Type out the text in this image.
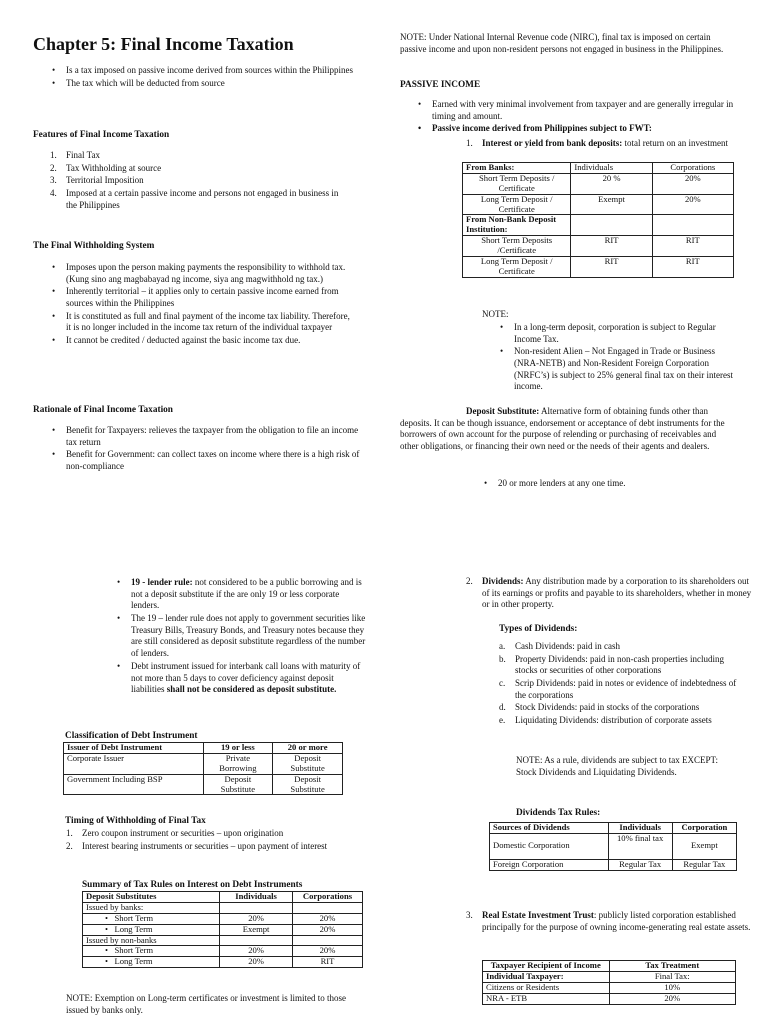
Chapter 5: Final Income Taxation
• Is a tax imposed on passive income derived from sources within the Philippines
• The tax which will be deducted from source
Features of Final Income Taxation
1. Final Tax
2. Tax Withholding at source
3. Territorial Imposition
4. Imposed at a certain passive income and persons not engaged in business in the Philippines
The Final Withholding System
• Imposes upon the person making payments the responsibility to withhold tax. (Kung sino ang magbabayad ng income, siya ang magwithhold ng tax.)
• Inherently territorial – it applies only to certain passive income earned from sources within the Philippines
• It is constituted as full and final payment of the income tax liability. Therefore, it is no longer included in the income tax return of the individual taxpayer
• It cannot be credited / deducted against the basic income tax due.
Rationale of Final Income Taxation
• Benefit for Taxpayers: relieves the taxpayer from the obligation to file an income tax return
• Benefit for Government: can collect taxes on income where there is a high risk of non-compliance
NOTE: Under National Internal Revenue code (NIRC), final tax is imposed on certain passive income and upon non-resident persons not engaged in business in the Philippines.
PASSIVE INCOME
• Earned with very minimal involvement from taxpayer and are generally irregular in timing and amount.
• Passive income derived from Philippines subject to FWT:
1. Interest or yield from bank deposits: total return on an investment
From Banks:	Individuals	Corporations
Short Term Deposits / Certificate	20 %	20%
Long Term Deposit / Certificate	Exempt	20%
From Non-Bank Deposit Institution:		
Short Term Deposits /Certificate	RIT	RIT
Long Term Deposit / Certificate	RIT	RIT
NOTE:
• In a long-term deposit, corporation is subject to Regular Income Tax.
• Non-resident Alien – Not Engaged in Trade or Business (NRA-NETB) and Non-Resident Foreign Corporation (NRFC’s) is subject to 25% general final tax on their interest income.
Deposit Substitute: Alternative form of obtaining funds other than deposits. It can be though issuance, endorsement or acceptance of debt instruments for the borrowers of own account for the purpose of relending or purchasing of receivables and other obligations, or financing their own need or the needs of their agents and dealers.
• 20 or more lenders at any one time.
• 19 - lender rule: not considered to be a public borrowing and is not a deposit substitute if the are only 19 or less corporate lenders.
• The 19 – lender rule does not apply to government securities like Treasury Bills, Treasury Bonds, and Treasury notes because they are still considered as deposit substitute regardless of the number of lenders.
• Debt instrument issued for interbank call loans with maturity of not more than 5 days to cover deficiency against deposit liabilities shall not be considered as deposit substitute.
Classification of Debt Instrument
Issuer of Debt Instrument	19 or less	20 or more
Corporate Issuer	Private Borrowing	Deposit Substitute
Government Including BSP	Deposit Substitute	Deposit Substitute
Timing of Withholding of Final Tax
1. Zero coupon instrument or securities – upon origination
2. Interest bearing instruments or securities – upon payment of interest
Summary of Tax Rules on Interest on Debt Instruments
Deposit Substitutes	Individuals	Corporations
Issued by banks:		
•   Short Term	20%	20%
•   Long Term	Exempt	20%
Issued by non-banks		
•   Short Term	20%	20%
•   Long Term	20%	RIT
NOTE: Exemption on Long-term certificates or investment is limited to those issued by banks only.
2. Dividends: Any distribution made by a corporation to its shareholders out of its earnings or profits and payable to its shareholders, whether in money or in other property.
Types of Dividends:
a. Cash Dividends: paid in cash
b. Property Dividends: paid in non-cash properties including stocks or securities of other corporations
c. Scrip Dividends: paid in notes or evidence of indebtedness of the corporations
d. Stock Dividends: paid in stocks of the corporations
e. Liquidating Dividends: distribution of corporate assets
NOTE: As a rule, dividends are subject to tax EXCEPT: Stock Dividends and Liquidating Dividends.
Dividends Tax Rules:
Sources of Dividends	Individuals	Corporation
Domestic Corporation	10% final tax	Exempt
Foreign Corporation	Regular Tax	Regular Tax
3. Real Estate Investment Trust: publicly listed corporation established principally for the purpose of owning income-generating real estate assets.
Taxpayer Recipient of Income	Tax Treatment
Individual Taxpayer:	Final Tax:
Citizens or Residents	10%
NRA - ETB	20%
